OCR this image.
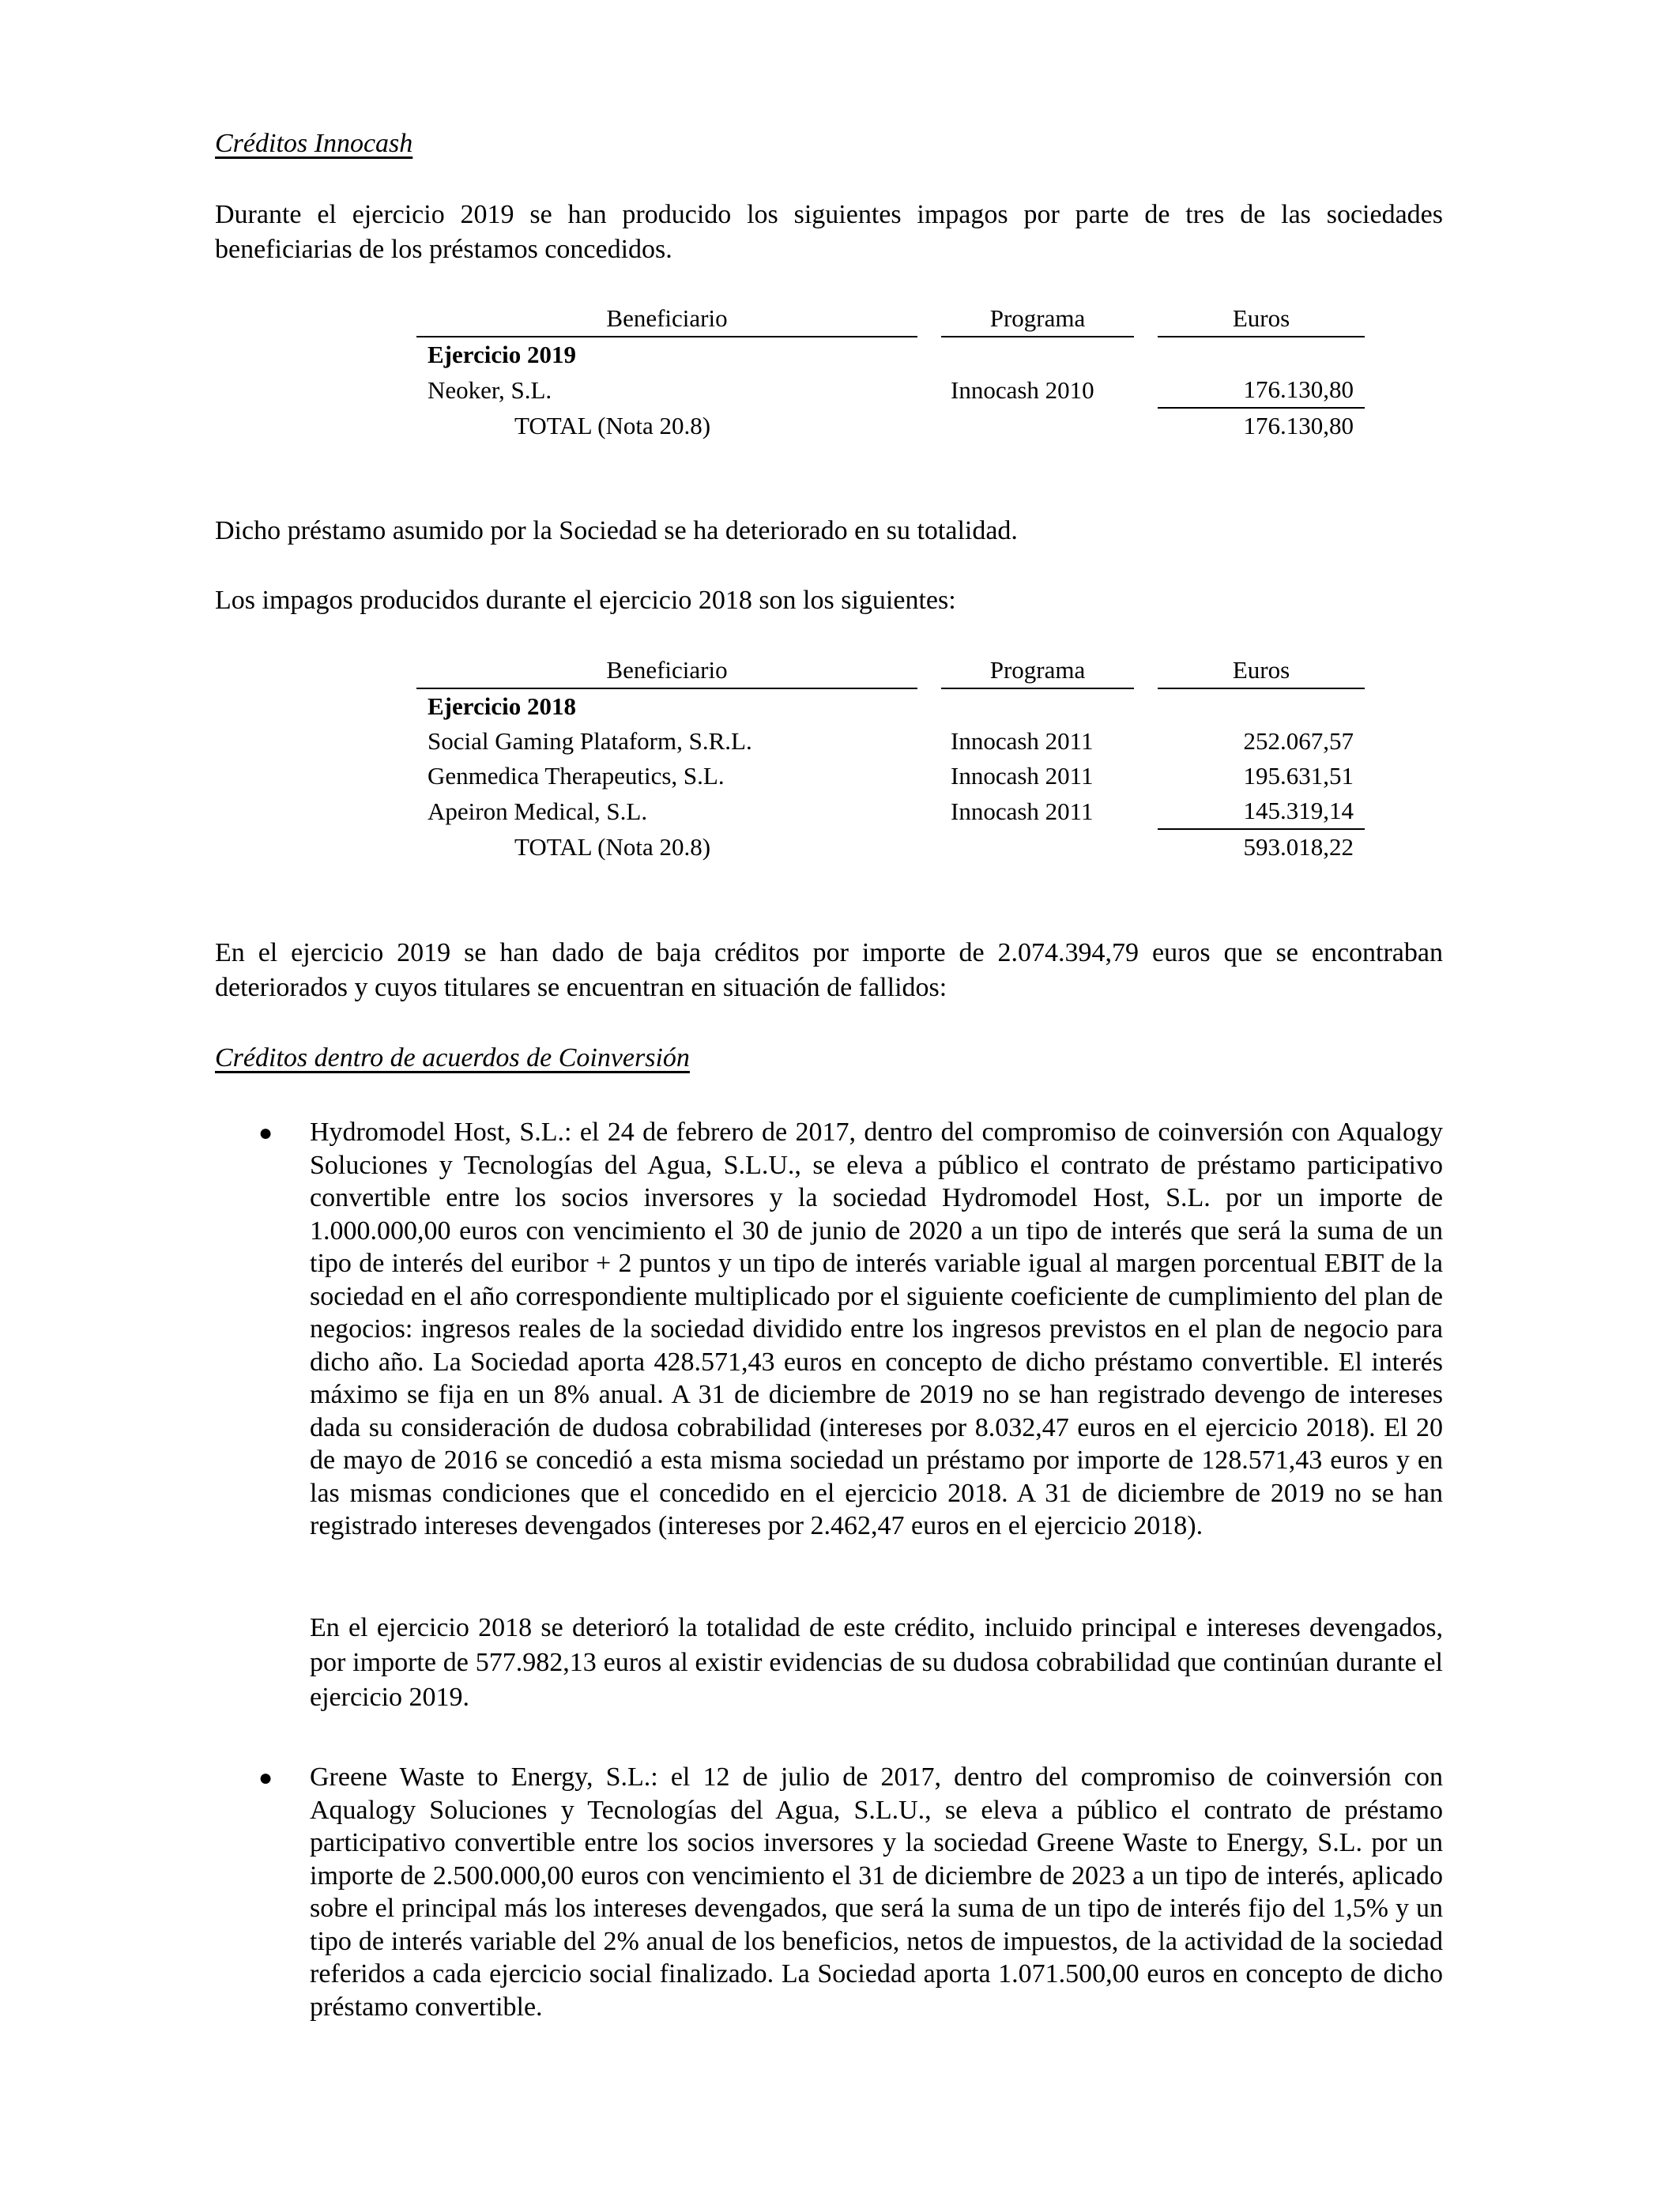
Créditos Innocash
Durante el ejercicio 2019 se han producido los siguientes impagos por parte de tres de las sociedades beneficiarias de los préstamos concedidos.
Beneficiario		Programa		Euros
Ejercicio 2019				
Neoker, S.L.		Innocash 2010		176.130,80
TOTAL (Nota 20.8)				176.130,80
Dicho préstamo asumido por la Sociedad se ha deteriorado en su totalidad.
Los impagos producidos durante el ejercicio 2018 son los siguientes:
Beneficiario		Programa		Euros
Ejercicio 2018				
Social Gaming Plataform, S.R.L.		Innocash 2011		252.067,57
Genmedica Therapeutics, S.L.		Innocash 2011		195.631,51
Apeiron Medical, S.L.		Innocash 2011		145.319,14
TOTAL (Nota 20.8)				593.018,22
En el ejercicio 2019 se han dado de baja créditos por importe de 2.074.394,79 euros que se encontraban deteriorados y cuyos titulares se encuentran en situación de fallidos:
Créditos dentro de acuerdos de Coinversión
● Hydromodel Host, S.L.: el 24 de febrero de 2017, dentro del compromiso de coinversión con Aqualogy Soluciones y Tecnologías del Agua, S.L.U., se eleva a público el contrato de préstamo participativo convertible entre los socios inversores y la sociedad Hydromodel Host, S.L. por un importe de 1.000.000,00 euros con vencimiento el 30 de junio de 2020 a un tipo de interés que será la suma de un tipo de interés del euribor + 2 puntos y un tipo de interés variable igual al margen porcentual EBIT de la sociedad en el año correspondiente multiplicado por el siguiente coeficiente de cumplimiento del plan de negocios: ingresos reales de la sociedad dividido entre los ingresos previstos en el plan de negocio para dicho año. La Sociedad aporta 428.571,43 euros en concepto de dicho préstamo convertible. El interés máximo se fija en un 8% anual. A 31 de diciembre de 2019 no se han registrado devengo de intereses dada su consideración de dudosa cobrabilidad (intereses por 8.032,47 euros en el ejercicio 2018). El 20 de mayo de 2016 se concedió a esta misma sociedad un préstamo por importe de 128.571,43 euros y en las mismas condiciones que el concedido en el ejercicio 2018. A 31 de diciembre de 2019 no se han registrado intereses devengados (intereses por 2.462,47 euros en el ejercicio 2018).
En el ejercicio 2018 se deterioró la totalidad de este crédito, incluido principal e intereses devengados, por importe de 577.982,13 euros al existir evidencias de su dudosa cobrabilidad que continúan durante el ejercicio 2019.
● Greene Waste to Energy, S.L.: el 12 de julio de 2017, dentro del compromiso de coinversión con Aqualogy Soluciones y Tecnologías del Agua, S.L.U., se eleva a público el contrato de préstamo participativo convertible entre los socios inversores y la sociedad Greene Waste to Energy, S.L. por un importe de 2.500.000,00 euros con vencimiento el 31 de diciembre de 2023 a un tipo de interés, aplicado sobre el principal más los intereses devengados, que será la suma de un tipo de interés fijo del 1,5% y un tipo de interés variable del 2% anual de los beneficios, netos de impuestos, de la actividad de la sociedad referidos a cada ejercicio social finalizado. La Sociedad aporta 1.071.500,00 euros en concepto de dicho préstamo convertible.
